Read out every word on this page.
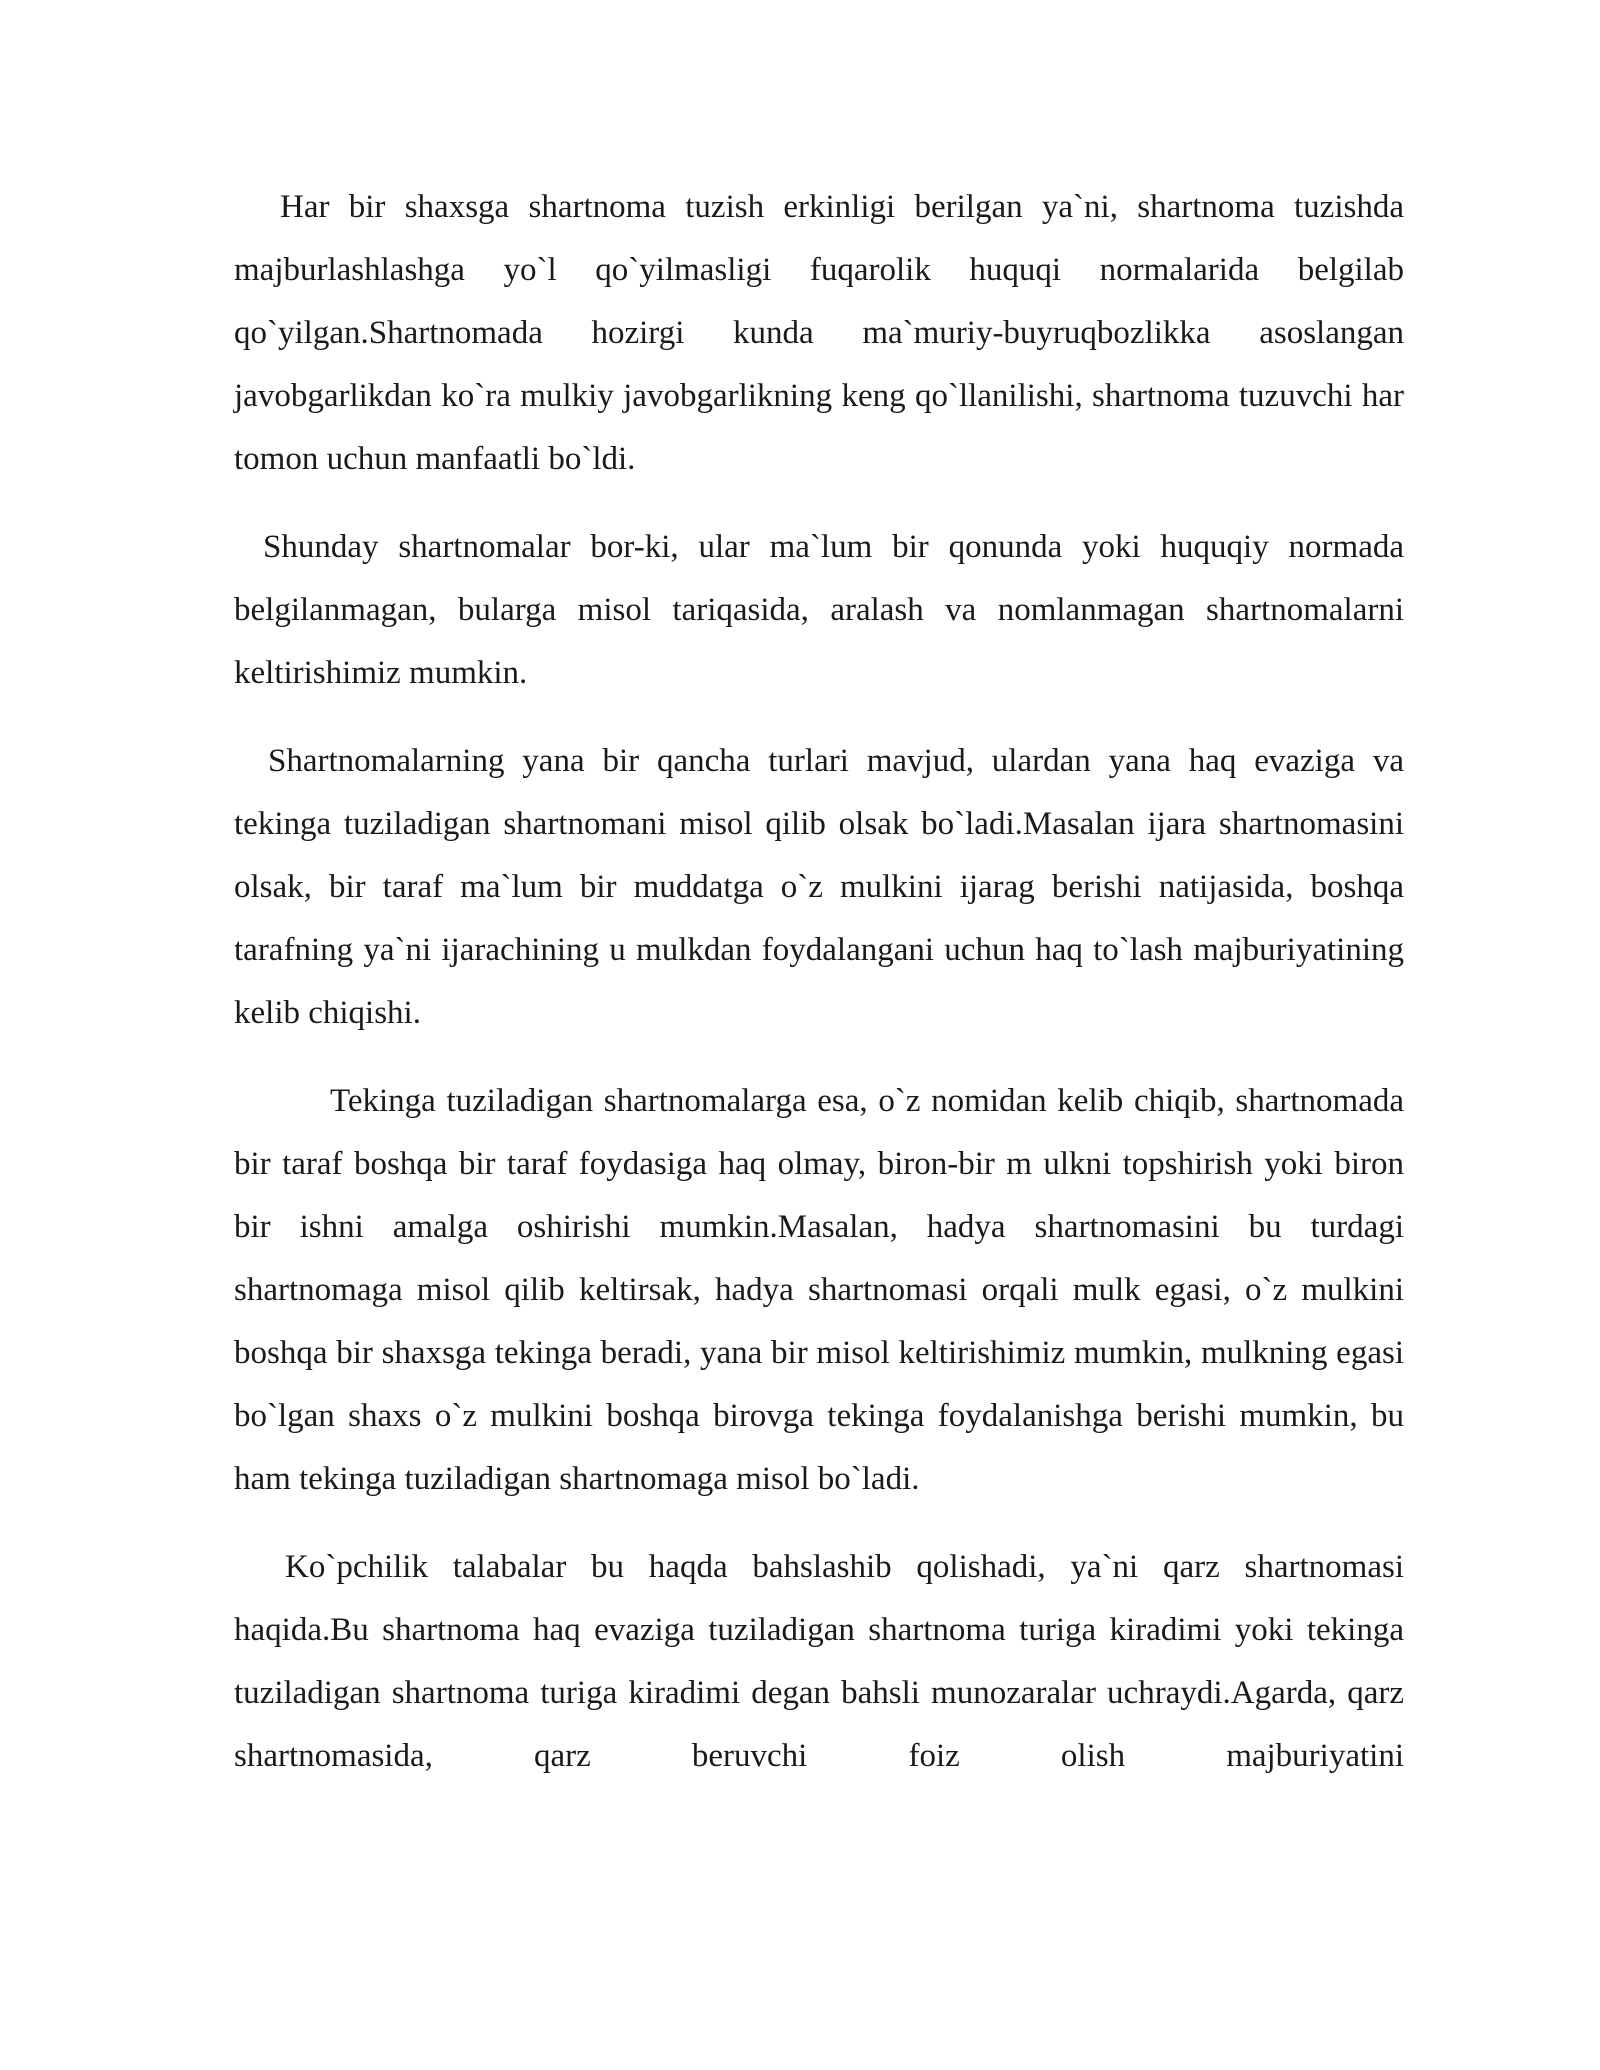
Har bir shaxsga shartnoma tuzish erkinligi berilgan ya`ni, shartnoma tuzishda majburlashlashga yo`l qo`yilmasligi fuqarolik huquqi normalarida belgilab qo`yilgan.Shartnomada hozirgi kunda ma`muriy-buyruqbozlikka asoslangan javobgarlikdan ko`ra mulkiy javobgarlikning keng qo`llanilishi, shartnoma tuzuvchi har tomon uchun manfaatli bo`ldi.

Shunday shartnomalar bor-ki, ular ma`lum bir qonunda yoki huquqiy normada belgilanmagan, bularga misol tariqasida, aralash va nomlanmagan shartnomalarni keltirishimiz mumkin.

Shartnomalarning yana bir qancha turlari mavjud, ulardan yana haq evaziga va tekinga tuziladigan shartnomani misol qilib olsak bo`ladi.Masalan ijara shartnomasini olsak, bir taraf ma`lum bir muddatga o`z mulkini ijarag berishi natijasida, boshqa tarafning ya`ni ijarachining u mulkdan foydalangani uchun haq to`lash majburiyatining kelib chiqishi.

Tekinga tuziladigan shartnomalarga esa, o`z nomidan kelib chiqib, shartnomada bir taraf boshqa bir taraf foydasiga haq olmay, biron-bir m ulkni topshirish yoki biron bir ishni amalga oshirishi mumkin.Masalan, hadya shartnomasini bu turdagi shartnomaga misol qilib keltirsak, hadya shartnomasi orqali mulk egasi, o`z mulkini boshqa bir shaxsga tekinga beradi, yana bir misol keltirishimiz mumkin, mulkning egasi bo`lgan shaxs o`z mulkini boshqa birovga tekinga foydalanishga berishi mumkin, bu ham tekinga tuziladigan shartnomaga misol bo`ladi.

Ko`pchilik talabalar bu haqda bahslashib qolishadi, ya`ni qarz shartnomasi haqida.Bu shartnoma haq evaziga tuziladigan shartnoma turiga kiradimi yoki tekinga tuziladigan shartnoma turiga kiradimi degan bahsli munozaralar uchraydi.Agarda, qarz shartnomasida, qarz beruvchi foiz olish majburiyatini
